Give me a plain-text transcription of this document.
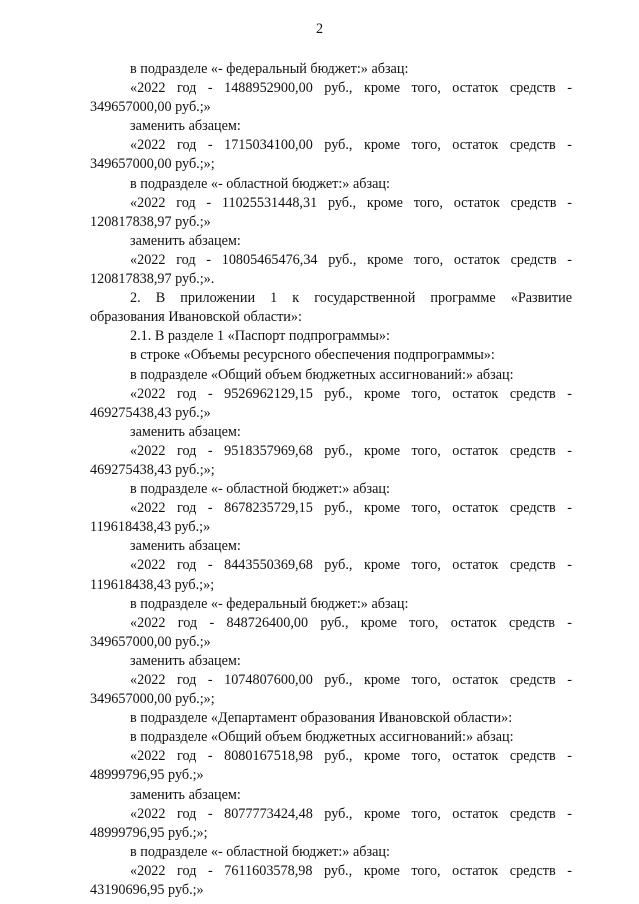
2
в подразделе «- федеральный бюджет:» абзац:
«2022 год - 1488952900,00 руб., кроме того, остаток средств -
349657000,00 руб.;»
заменить абзацем:
«2022 год - 1715034100,00 руб., кроме того, остаток средств -
349657000,00 руб.;»;
в подразделе «- областной бюджет:» абзац:
«2022 год - 11025531448,31 руб., кроме того, остаток средств -
120817838,97 руб.;»
заменить абзацем:
«2022 год - 10805465476,34 руб., кроме того, остаток средств -
120817838,97 руб.;».
2. В приложении 1 к государственной программе «Развитие
образования Ивановской области»:
2.1. В разделе 1 «Паспорт подпрограммы»:
в строке «Объемы ресурсного обеспечения подпрограммы»:
в подразделе «Общий объем бюджетных ассигнований:» абзац:
«2022 год - 9526962129,15 руб., кроме того, остаток средств -
469275438,43 руб.;»
заменить абзацем:
«2022 год - 9518357969,68 руб., кроме того, остаток средств -
469275438,43 руб.;»;
в подразделе «- областной бюджет:» абзац:
«2022 год - 8678235729,15 руб., кроме того, остаток средств -
119618438,43 руб.;»
заменить абзацем:
«2022 год - 8443550369,68 руб., кроме того, остаток средств -
119618438,43 руб.;»;
в подразделе «- федеральный бюджет:» абзац:
«2022 год - 848726400,00 руб., кроме того, остаток средств -
349657000,00 руб.;»
заменить абзацем:
«2022 год - 1074807600,00 руб., кроме того, остаток средств -
349657000,00 руб.;»;
в подразделе «Департамент образования Ивановской области»:
в подразделе «Общий объем бюджетных ассигнований:» абзац:
«2022 год - 8080167518,98 руб., кроме того, остаток средств -
48999796,95 руб.;»
заменить абзацем:
«2022 год - 8077773424,48 руб., кроме того, остаток средств -
48999796,95 руб.;»;
в подразделе «- областной бюджет:» абзац:
«2022 год - 7611603578,98 руб., кроме того, остаток средств -
43190696,95 руб.;»
